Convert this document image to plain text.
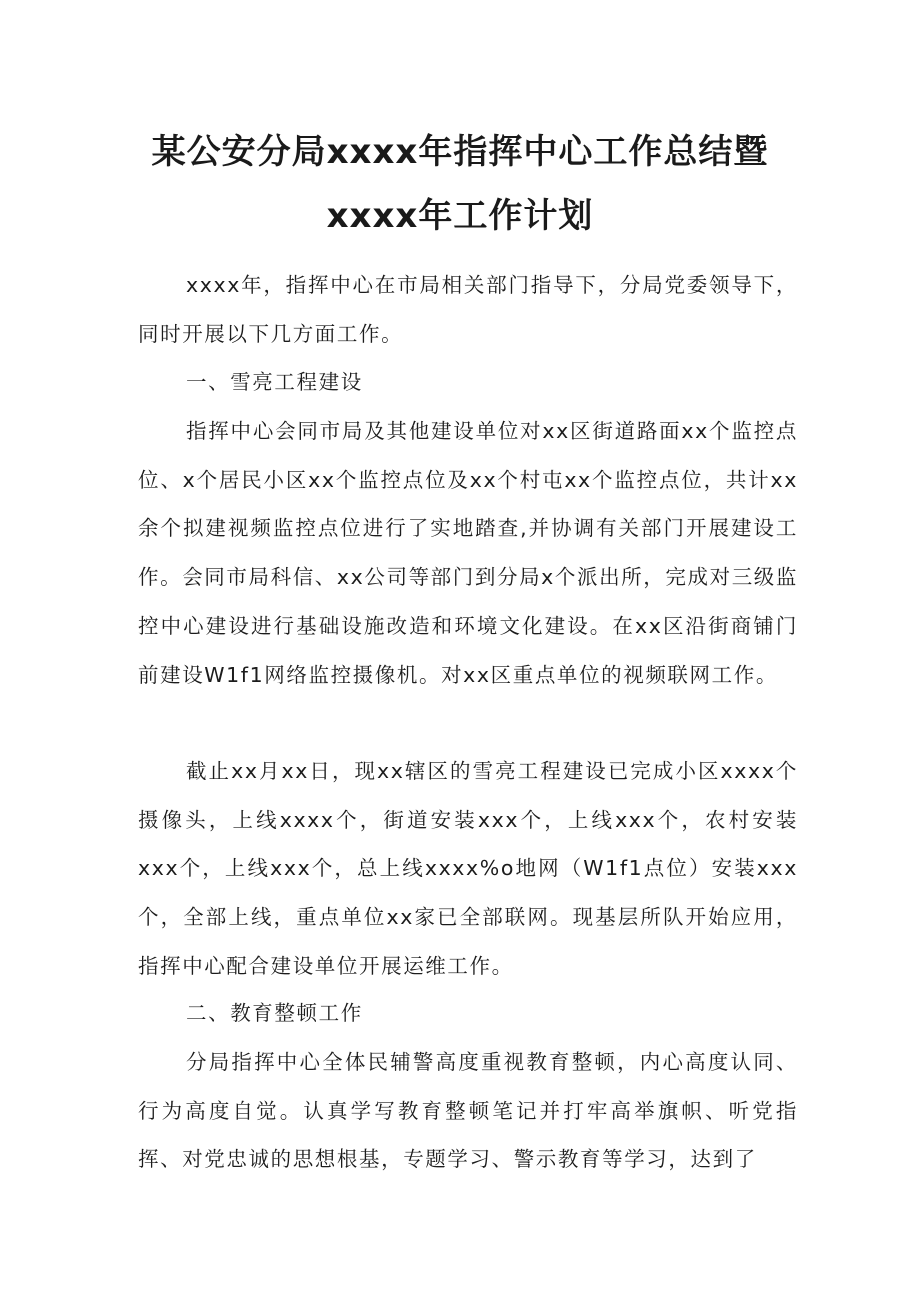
某公安分局xxxx年指挥中心工作总结暨
xxxx年工作计划

xxxx年，指挥中心在市局相关部门指导下，分局党委领导下，同时开展以下几方面工作。

一、雪亮工程建设

指挥中心会同市局及其他建设单位对xx区街道路面xx个监控点位、x个居民小区xx个监控点位及xx个村屯xx个监控点位，共计xx余个拟建视频监控点位进行了实地踏查,并协调有关部门开展建设工作。会同市局科信、xx公司等部门到分局x个派出所，完成对三级监控中心建设进行基础设施改造和环境文化建设。在xx区沿街商铺门前建设W1f1网络监控摄像机。对xx区重点单位的视频联网工作。

截止xx月xx日，现xx辖区的雪亮工程建设已完成小区xxxx个摄像头，上线xxxx个，街道安装xxx个，上线xxx个，农村安装xxx个，上线xxx个，总上线xxxx%o地网（W1f1点位）安装xxx个，全部上线，重点单位xx家已全部联网。现基层所队开始应用，指挥中心配合建设单位开展运维工作。

二、教育整顿工作

分局指挥中心全体民辅警高度重视教育整顿，内心高度认同、行为高度自觉。认真学写教育整顿笔记并打牢高举旗帜、听党指挥、对党忠诚的思想根基，专题学习、警示教育等学习，达到了
